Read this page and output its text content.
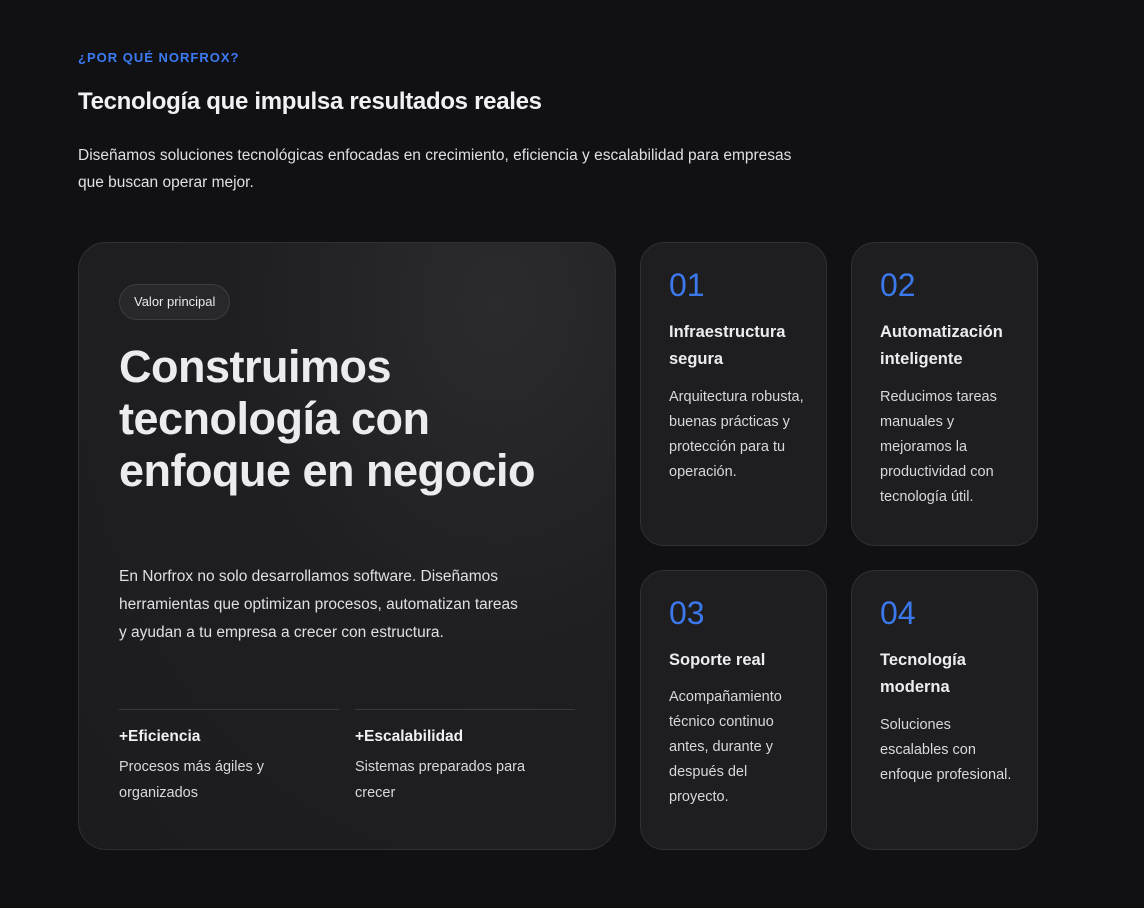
¿POR QUÉ NORFROX?
Tecnología que impulsa resultados reales

Diseñamos soluciones tecnológicas enfocadas en crecimiento, eficiencia y escalabilidad para empresas que buscan operar mejor.

Valor principal
Construimos tecnología con enfoque en negocio

En Norfrox no solo desarrollamos software. Diseñamos herramientas que optimizan procesos, automatizan tareas y ayudan a tu empresa a crecer con estructura.

+Eficiencia
Procesos más ágiles y organizados
+Escalabilidad
Sistemas preparados para crecer
01
Infraestructura segura
Arquitectura robusta, buenas prácticas y protección para tu operación.
02
Automatización inteligente
Reducimos tareas manuales y mejoramos la productividad con tecnología útil.
03
Soporte real
Acompañamiento técnico continuo antes, durante y después del proyecto.
04
Tecnología moderna
Soluciones escalables con enfoque profesional.
